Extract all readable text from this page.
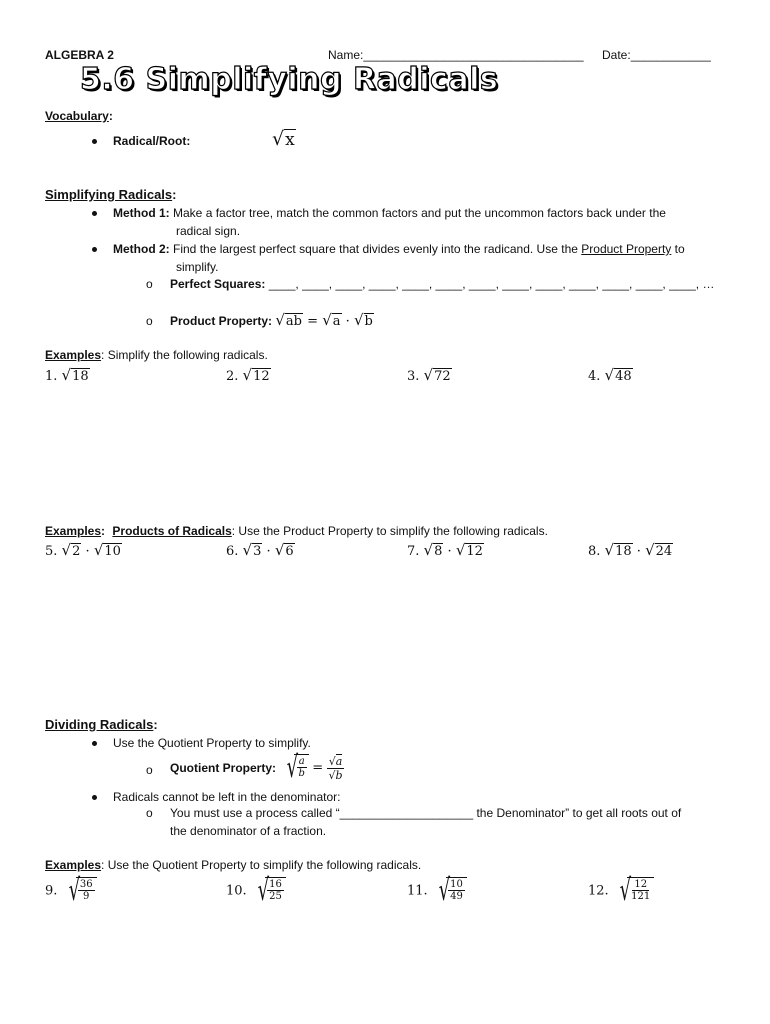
ALGEBRA 2	Name:_________________________________ Date:____________
5.6 Simplifying Radicals
Vocabulary:
Radical/Root:	√x
Simplifying Radicals:
Method 1: Make a factor tree, match the common factors and put the uncommon factors back under the
radical sign.
Method 2: Find the largest perfect square that divides evenly into the radicand. Use the Product Property to
simplify.
o Perfect Squares: ____, ____, ____, ____, ____, ____, ____, ____, ____, ____, ____, ____, ____, …
o Product Property: √ab = √a · √b
Examples: Simplify the following radicals.
1. √18	2. √12	3. √72	4. √48
Examples: Products of Radicals: Use the Product Property to simplify the following radicals.
5. √2 · √10	6. √3 · √6	7. √8 · √12	8. √18 · √24
Dividing Radicals:
Use the Quotient Property to simplify.
o Quotient Property: √
$\frac{a}{b} = \frac{√a}{√b}$
Radicals cannot be left in the denominator:
o You must use a process called “____________________ the Denominator” to get all roots out of
the denominator of a fraction.
Examples: Use the Quotient Property to simplify the following radicals.
9. √
$\frac{36}{9}$	10. √
$\frac{16}{25}$	11. √
$\frac{10}{49}$	12. √
$\frac{12}{121}$
